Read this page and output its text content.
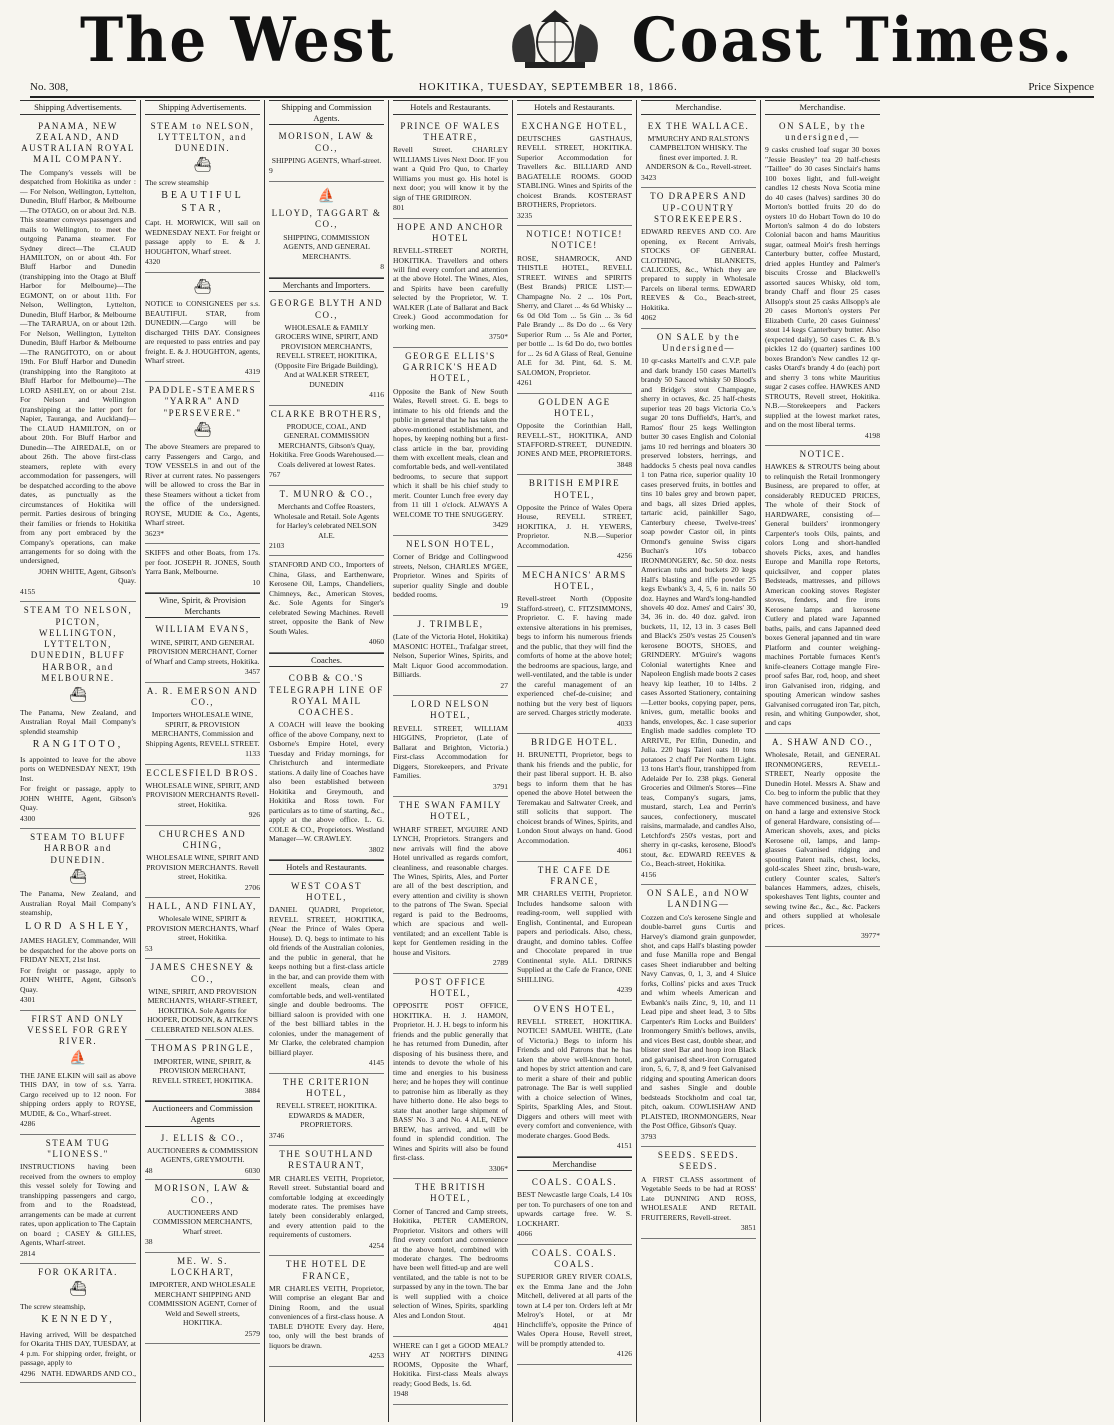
The West	Coast Times.
No. 308,	HOKITIKA, TUESDAY, SEPTEMBER 18, 1866.	Price Sixpence
Shipping Advertisements.
PANAMA, NEW ZEALAND, AND AUSTRALIAN ROYAL MAIL COMPANY.

The Company's vessels will be despatched from Hokitika as under :— For Nelson, Wellington, Lyttelton, Dunedin, Bluff Harbor, & Melbourne —The OTAGO, on or about 3rd. N.B. This steamer conveys passengers and mails to Wellington, to meet the outgoing Panama steamer. For Sydney direct—The CLAUD HAMILTON, on or about 4th. For Bluff Harbor and Dunedin (transhipping into the Otago at Bluff Harbor for Melbourne)—The EGMONT, on or about 11th. For Nelson, Wellington, Lyttelton, Dunedin, Bluff Harbor, & Melbourne —The TARARUA, on or about 12th. For Nelson, Wellington, Lyttelton Dunedin, Bluff Harbor & Melbourne —The RANGITOTO, on or about 19th. For Bluff Harbor and Dunedin (transhipping into the Rangitoto at Bluff Harbor for Melbourne)—The LORD ASHLEY, on or about 21st. For Nelson and Wellington (transhipping at the latter port for Napier, Tauranga, and Auckland)—The CLAUD HAMILTON, on or about 20th. For Bluff Harbor and Dunedin—The AIREDALE, on or about 26th. The above first-class steamers, replete with every accommodation for passengers, will be despatched according to the above dates, as punctually as the circumstances of Hokitika will permit. Parties desirous of bringing their families or friends to Hokitika from any port embraced by the Company's operations, can make arrangements for so doing with the undersigned,

JOHN WHITE, Agent, Gibson's Quay.

4155

STEAM TO NELSON, PICTON, WELLINGTON, LYTTELTON, DUNEDIN, BLUFF HARBOR, and MELBOURNE.
⛴

The Panama, New Zealand, and Australian Royal Mail Company's splendid steamship

RANGITOTO,

Is appointed to leave for the above ports on WEDNESDAY NEXT, 19th Inst.

For freight or passage, apply to JOHN WHITE, Agent, Gibson's Quay.

4300

STEAM TO BLUFF HARBOR and DUNEDIN.
⛴

The Panama, New Zealand, and Australian Royal Mail Company's steamship,

LORD ASHLEY,

JAMES HAGLEY, Commander, Will be despatched for the above ports on FRIDAY NEXT, 21st Inst.

For freight or passage, apply to JOHN WHITE, Agent, Gibson's Quay.

4301

FIRST AND ONLY VESSEL FOR GREY RIVER.
⛵

THE JANE ELKIN will sail as above THIS DAY, in tow of s.s. Yarra. Cargo received up to 12 noon. For shipping orders apply to ROYSE, MUDIE, & Co., Wharf-street.

4286

STEAM TUG "LIONESS."

INSTRUCTIONS having been received from the owners to employ this vessel solely for Towing and transhipping passengers and cargo, from and to the Roadstead, arrangements can be made at current rates, upon application to The Captain on board ; CASEY & GILLES, Agents, Wharf-street.

2814

FOR OKARITA.
⛴

The screw steamship,

KENNEDY,

Having arrived, Will be despatched for Okarita THIS DAY, TUESDAY, at 4 p.m. For shipping order, freight, or passage, apply to

4296 NATH. EDWARDS AND CO.,
Shipping Advertisements.
STEAM to NELSON, LYTTELTON, and DUNEDIN.
⛴

The screw steamship

BEAUTIFUL STAR,

Capt. H. MORWICK, Will sail on WEDNESDAY NEXT. For freight or passage apply to E. & J. HOUGHTON, Wharf street.

4320

⛴

NOTICE to CONSIGNEES per s.s. BEAUTIFUL STAR, from DUNEDIN.—Cargo will be discharged THIS DAY. Consignees are requested to pass entries and pay freight. E. & J. HOUGHTON, agents, Wharf street.

4319

PADDLE-STEAMERS "YARRA" AND "PERSEVERE."
⛴

The above Steamers are prepared to carry Passengers and Cargo, and TOW VESSELS in and out of the River at current rates. No passengers will be allowed to cross the Bar in these Steamers without a ticket from the office of the undersigned. ROYSE, MUDIE & Co., Agents, Wharf street.

3623*

SKIFFS and other Boats, from 17s. per foot. JOSEPH R. JONES, South Yarra Bank, Melbourne.

10

Wine, Spirit, & Provision Merchants
WILLIAM EVANS,

WINE, SPIRIT, AND GENERAL PROVISION MERCHANT, Corner of Wharf and Camp streets, Hokitika.

3457

A. R. EMERSON AND CO.,

Importers WHOLESALE WINE, SPIRIT, & PROVISION MERCHANTS, Commission and Shipping Agents, REVELL STREET.

1133

ECCLESFIELD BROS.

WHOLESALE WINE, SPIRIT, AND PROVISION MERCHANTS Revell-street, Hokitika.

926

CHURCHES AND CHING,

WHOLESALE WINE, SPIRIT AND PROVISION MERCHANTS. Revell street, Hokitika.

2706

HALL, AND FINLAY,

Wholesale WINE, SPIRIT & PROVISION MERCHANTS, Wharf street, Hokitika.

53

JAMES CHESNEY & CO.,

WINE, SPIRIT, AND PROVISION MERCHANTS, WHARF-STREET, HOKITIKA. Sole Agents for HOOPER, DODSON, & AITKEN'S CELEBRATED NELSON ALES.

THOMAS PRINGLE,

IMPORTER, WINE, SPIRIT, & PROVISION MERCHANT, REVELL STREET, HOKITIKA.

3884

Auctioneers and Commission Agents
J. ELLIS & CO.,

AUCTIONEERS & COMMISSION AGENTS, GREYMOUTH.

48	6030
MORISON, LAW & CO.,

AUCTIONEERS AND COMMISSION MERCHANTS, Wharf street.

38

ME. W. S. LOCKHART,

IMPORTER, AND WHOLESALE MERCHANT SHIPPING AND COMMISSION AGENT, Corner of Weld and Sewell streets, HOKITIKA.

2579

Shipping and Commission Agents.
MORISON, LAW & CO.,

SHIPPING AGENTS, Wharf-street.

9

⛵
LLOYD, TAGGART & CO.,

SHIPPING, COMMISSION AGENTS, AND GENERAL MERCHANTS.

8

Merchants and Importers.
GEORGE BLYTH AND CO.,

WHOLESALE & FAMILY GROCERS WINE, SPIRIT, AND PROVISION MERCHANTS, REVELL STREET, HOKITIKA, (Opposite Fire Brigade Building), And at WALKER STREET, DUNEDIN

4116

CLARKE BROTHERS,

PRODUCE, COAL, AND GENERAL COMMISSION MERCHANTS, Gibson's Quay, Hokitika. Free Goods Warehoused.—Coals delivered at lowest Rates.

767

T. MUNRO & CO.,

Merchants and Coffee Roasters, Wholesale and Retail. Sole Agents for Harley's celebrated NELSON ALE.

2103

STANFORD AND CO., Importers of China, Glass, and Earthenware, Kerosene Oil, Lamps, Chandeliers, Chimneys, &c., American Stoves, &c. Sole Agents for Singer's celebrated Sewing Machines. Revell street, opposite the Bank of New South Wales.

4060

Coaches.
COBB & CO.'S TELEGRAPH LINE OF ROYAL MAIL COACHES.

A COACH will leave the booking office of the above Company, next to Osborne's Empire Hotel, every Tuesday and Friday mornings, for Christchurch and intermediate stations. A daily line of Coaches have also been established between Hokitika and Greymouth, and Hokitika and Ross town. For particulars as to time of starting, &c., apply at the above office. L. G. COLE & CO., Proprietors. Westland Manager—W. CRAWLEY.

3802

Hotels and Restaurants.
WEST COAST HOTEL,

DANIEL QUADRI, Proprietor, REVELL STREET, HOKITIKA, (Near the Prince of Wales Opera House). D. Q. begs to intimate to his old friends of the Australian colonies, and the public in general, that he keeps nothing but a first-class article in the bar, and can provide them with excellent meals, clean and comfortable beds, and well-ventilated single and double bedrooms. The billiard saloon is provided with one of the best billiard tables in the colonies, under the management of Mr Clarke, the celebrated champion billiard player.

4145

THE CRITERION HOTEL,

REVELL STREET, HOKITIKA. EDWARDS & MADER, PROPRIETORS.

3746

THE SOUTHLAND RESTAURANT,

MR CHARLES VEITH, Proprietor, Revell street. Substantial board and comfortable lodging at exceedingly moderate rates. The premises have lately been considerably enlarged, and every attention paid to the requirements of customers.

4254

THE HOTEL DE FRANCE,

MR CHARLES VEITH, Proprietor, Will comprise an elegant Bar and Dining Room, and the usual conveniences of a first-class house. A TABLE D'HOTE Every day. Here, too, only will the best brands of liquors be drawn.

4253

Hotels and Restaurants.
PRINCE OF WALES THEATRE,

Revell Street. CHARLEY WILLIAMS Lives Next Door. IF you want a Quid Pro Quo, to Charley Williams you must go. His hotel is next door; you will know it by the sign of THE GRIDIRON.

801

HOPE AND ANCHOR HOTEL

REVELL-STREET NORTH, HOKITIKA. Travellers and others will find every comfort and attention at the above Hotel. The Wines, Ales, and Spirits have been carefully selected by the Proprietor, W. T. WALKER (Late of Ballarat and Back Creek.) Good accommodation for working men.

3750*

GEORGE ELLIS'S GARRICK'S HEAD HOTEL,

Opposite the Bank of New South Wales, Revell street. G. E. begs to intimate to his old friends and the public in general that he has taken the above-mentioned establishment, and hopes, by keeping nothing but a first-class article in the bar, providing them with excellent meals, clean and comfortable beds, and well-ventilated bedrooms, to secure that support which it shall be his chief study to merit. Counter Lunch free every day from 11 till 1 o'clock. ALWAYS A WELCOME TO THE SNUGGERY.

3429

NELSON HOTEL,

Corner of Bridge and Collingwood streets, Nelson, CHARLES M'GEE, Proprietor. Wines and Spirits of superior quality Single and double bedded rooms.

19

J. TRIMBLE,

(Late of the Victoria Hotel, Hokitika) MASONIC HOTEL, Trafalgar street, Nelson, Superior Wines, Spirits, and Malt Liquor Good accommodation. Billiards.

27

LORD NELSON HOTEL,

REVELL STREET, WILLIAM HIGGINS, Proprietor, (Late of Ballarat and Brighton, Victoria.) First-class Accommodation for Diggers, Storekeepers, and Private Families.

3791

THE SWAN FAMILY HOTEL,

WHARF STREET, M'GUIRE AND LYNCH, Proprietors. Strangers and new arrivals will find the above Hotel unrivalled as regards comfort, cleanliness, and reasonable charges. The Wines, Spirits, Ales, and Porter are all of the best description, and every attention and civility is shown to the patrons of The Swan. Special regard is paid to the Bedrooms, which are spacious and well-ventilated; and an excellent Table is kept for Gentlemen residing in the house and Visitors.

2789

POST OFFICE HOTEL,

OPPOSITE POST OFFICE, HOKITIKA. H. J. HAMON, Proprietor. H. J. H. begs to inform his friends and the public generally that he has returned from Dunedin, after disposing of his business there, and intends to devote the whole of his time and energies to his business here; and he hopes they will continue to patronise him as liberally as they have hitherto done. He also begs to state that another large shipment of BASS' No. 3 and No. 4 ALE, NEW BREW, has arrived, and will be found in splendid condition. The Wines and Spirits will also be found first-class.

3306*

THE BRITISH HOTEL,

Corner of Tancred and Camp streets, Hokitika, PETER CAMERON, Proprietor. Visitors and others will find every comfort and convenience at the above hotel, combined with moderate charges. The bedrooms have been well fitted-up and are well ventilated, and the table is not to be surpassed by any in the town. The bar is well supplied with a choice selection of Wines, Spirits, sparkling Ales and London Stout.

4041

WHERE can I get a GOOD MEAL? WHY AT NORTH'S DINING ROOMS, Opposite the Wharf, Hokitika. First-class Meals always ready; Good Beds, 1s. 6d.

1948

Hotels and Restaurants.
EXCHANGE HOTEL,

DEUTSCHES GASTHAUS, REVELL STREET, HOKITIKA. Superior Accommodation for Travellers &c. BILLIARD AND BAGATELLE ROOMS. GOOD STABLING. Wines and Spirits of the choicest Brands. KOSTERAST BROTHERS, Proprietors.

3235

NOTICE! NOTICE! NOTICE!

ROSE, SHAMROCK, AND THISTLE HOTEL, REVELL STREET. WINES and SPIRITS (Best Brands) PRICE LIST:— Champagne No. 2 ... 10s Port, Sherry, and Claret ... 4s 6d Whisky ... 6s 0d Old Tom ... 5s Gin ... 3s 6d Pale Brandy ... 8s Do do ... 6s Very Superior Rum ... 5s Ale and Porter, per bottle ... 1s 6d Do do, two bottles for ... 2s 6d A Glass of Real, Genuine ALE for 3d. Pint, 6d. S. M. SALOMON, Proprietor.

4261

GOLDEN AGE HOTEL,

Opposite the Corinthian Hall, REVELL-ST., HOKITIKA, AND STAFFORD-STREET, DUNEDIN. JONES AND MEE, PROPRIETORS.

3848

BRITISH EMPIRE HOTEL,

Opposite the Prince of Wales Opera House, REVELL STREET, HOKITIKA, J. H. YEWERS, Proprietor. N.B.—Superior Accommodation.

4256

MECHANICS' ARMS HOTEL,

Revell-street North (Opposite Stafford-street), C. FITZSIMMONS, Proprietor. C. F. having made extensive alterations in his premises, begs to inform his numerous friends and the public, that they will find the comforts of home at the above hotel; the bedrooms are spacious, large, and well-ventilated, and the table is under the careful management of an experienced chef-de-cuisine; and nothing but the very best of liquors are served. Charges strictly moderate.

4033

BRIDGE HOTEL.

H. BRUNETTI, Proprietor, begs to thank his friends and the public, for their past liberal support. H. B. also begs to inform them that he has opened the above Hotel between the Teremakau and Saltwater Creek, and still solicits that support. The choicest brands of Wines, Spirits, and London Stout always on hand. Good Accommodation.

4061

THE CAFE DE FRANCE,

MR CHARLES VEITH, Proprietor. Includes handsome saloon with reading-room, well supplied with English, Continental, and European papers and periodicals. Also, chess, draught, and domino tables. Coffee and Chocolate prepared in true Continental style. ALL DRINKS Supplied at the Cafe de France, ONE SHILLING.

4239

OVENS HOTEL,

REVELL STREET, HOKITIKA. NOTICE! SAMUEL WHITE, (Late of Victoria.) Begs to inform his Friends and old Patrons that he has taken the above well-known hotel, and hopes by strict attention and care to merit a share of their and public patronage. The Bar is well supplied with a choice selection of Wines, Spirits, Sparkling Ales, and Stout. Diggers and others will meet with every comfort and convenience, with moderate charges. Good Beds.

4151

Merchandise
COALS. COALS.

BEST Newcastle large Coals, L4 10s per ton. To purchasers of one ton and upwards cartage free. W. S. LOCKHART.

4066

COALS. COALS. COALS.

SUPERIOR GREY RIVER COALS, ex the Emma Jane and the John Mitchell, delivered at all parts of the town at L4 per ton. Orders left at Mr Melroy's Hotel, or at Mr Hinchcliffe's, opposite the Prince of Wales Opera House, Revell street, will be promptly attended to.

4126

Merchandise.
EX THE WALLACE.

M'MURCHY AND RALSTON'S CAMPBELTON WHISKY. The finest ever imported. J. R. ANDERSON & Co., Revell-street.

3423

TO DRAPERS AND UP-COUNTRY STOREKEEPERS.

EDWARD REEVES AND CO. Are opening, ex Recent Arrivals, STOCKS OF GENERAL CLOTHING, BLANKETS, CALICOES, &c., Which they are prepared to supply in Wholesale Parcels on liberal terms. EDWARD REEVES & Co., Beach-street, Hokitika.

4062

ON SALE by the Undersigned—

10 qr-casks Martell's and C.V.P. pale and dark brandy 150 cases Martell's brandy 50 Sauced whisky 50 Blood's and Bridge's stout Champagne, sherry in octaves, &c. 25 half-chests superior teas 20 bags Victoria Co.'s sugar 20 tons Duffield's, Hart's, and Ramos' flour 25 kegs Wellington butter 30 cases English and Colonial jams 10 red herrings and bloaters 30 preserved lobsters, herrings, and haddocks 5 chests peal nova candles 1 ton Patna rice, superior quality 10 cases preserved fruits, in bottles and tins 10 bales grey and brown paper, and bags, all sizes Dried apples, tartaric acid, painkiller Sago, Canterbury cheese, Twelve-trees' soap powder Castor oil, in pints Ormond's genuine Swiss cigars Buchan's 10's tobacco IRONMONGERY, &c. 50 doz. nests American tubs and buckets 20 kegs Hall's blasting and rifle powder 25 kegs Ewbank's 3, 4, 5, 6 in. nails 50 doz. Haynes and Ward's long-handled shovels 40 doz. Ames' and Cairs' 30, 34, 36 in. do. 40 doz. galvd. iron buckets, 11, 12, 13 in. 3 cases Bell and Black's 250's vestas 25 Cousen's kerosene BOOTS, SHOES, and GRINDERY. M'Guire's wagons Colonial watertights Knee and Napoleon English made boots 2 cases heavy kip leather, 10 to 14lbs. 2 cases Assorted Stationery, containing—Letter books, copying paper, pens, knives, gum, metallic books and hands, envelopes, &c. 1 case superior English made saddles complete TO ARRIVE, Per Elfin, Dunedin, and Julia. 220 bags Taieri oats 10 tons potatoes 2 chaff Per Northern Light. 13 tons Hart's flour, transhipped from Adelaide Per Io. 238 pkgs. General Groceries and Oilmen's Stores—Fine teas, Company's sugars, jams, mustard, starch, Lea and Perrin's sauces, confectionery, muscatel raisins, marmalade, and candles Also, Letchford's 250's vestas, port and sherry in qr-casks, kerosene, Blood's stout, &c. EDWARD REEVES & Co., Beach-street, Hokitika.

4156

ON SALE, and NOW LANDING—

Cozzen and Co's kerosene Single and double-barrel guns Curtis and Harvey's diamond grain gunpowder, shot, and caps Hall's blasting powder and fuse Manilla rope and Bengal cases Sheet indiarubber and belting Navy Canvas, 0, 1, 3, and 4 Sluice forks, Collins' picks and axes Truck and whim wheels American and Ewbank's nails Zinc, 9, 10, and 11 Lead pipe and sheet lead, 3 to 5lbs Carpenter's Rim Locks and Builders' Ironmongery Smith's bellows, anvils, and vices Best cast, double shear, and blister steel Bar and hoop iron Black and galvanised sheet-iron Corrugated iron, 5, 6, 7, 8, and 9 feet Galvanised ridging and spouting American doors and sashes Single and double bedsteads Stockholm and coal tar, pitch, oakum. COWLISHAW AND PLAISTED, IRONMONGERS, Near the Post Office, Gibson's Quay.

3793

SEEDS. SEEDS. SEEDS.

A FIRST CLASS assortment of Vegetable Seeds to be had at ROSS' Late DUNNING AND ROSS, WHOLESALE AND RETAIL FRUITERERS, Revell-street.

3851

Merchandise.
ON SALE, by the undersigned,—

9 casks crushed loaf sugar 30 boxes "Jessie Beasley" tea 20 half-chests "Taillee" do 30 cases Sinclair's hams 100 boxes light, and full-weight candles 12 chests Nova Scotia mine do 40 cases (halves) sardines 30 do Morton's bottled fruits 20 do do oysters 10 do Hobart Town do 10 do Morton's salmon 4 do do lobsters Colonial bacon and hams Mauritius sugar, oatmeal Moir's fresh herrings Canterbury butter, coffee Mustard, dried apples Huntley and Palmer's biscuits Crosse and Blackwell's assorted sauces Whisky, old tom, brandy Chaff and flour 25 cases Allsopp's stout 25 casks Allsopp's ale 20 cases Morton's oysters Per Elizabeth Curle, 20 cases Guinness' stout 14 kegs Canterbury butter. Also (expected daily), 50 cases C. & B.'s pickles 12 do (quarter) sardines 100 boxes Brandon's New candles 12 qr-casks Otard's brandy 4 do (each) port and sherry 3 tons white Mauritius sugar 2 cases coffee. HAWKES AND STROUTS, Revell street, Hokitika. N.B.—Storekeepers and Packers supplied at the lowest market rates, and on the most liberal terms.

4198

NOTICE.

HAWKES & STROUTS being about to relinquish the Retail Ironmongery Business, are prepared to offer, at considerably REDUCED PRICES, The whole of their Stock of HARDWARE, consisting of— General builders' ironmongery Carpenter's tools Oils, paints, and colors Long and short-handled shovels Picks, axes, and handles Europe and Manilla rope Retorts, quicksilver, and copper plates Bedsteads, mattresses, and pillows American cooking stoves Register stoves, fenders, and fire irons Kerosene lamps and kerosene Cutlery and plated ware Japanned baths, pails, and cans Japanned deed boxes General japanned and tin ware Platform and counter weighing-machines Portable furnaces Kent's knife-cleaners Cottage mangle Fire-proof safes Bar, rod, hoop, and sheet iron Galvanised iron, ridging, and spouting American window sashes Galvanised corrugated iron Tar, pitch, resin, and whiting Gunpowder, shot, and caps

A. SHAW AND CO.,

Wholesale, Retail, and GENERAL IRONMONGERS, REVELL-STREET, Nearly opposite the Dunedin Hotel. Messrs A. Shaw and Co. beg to inform the public that they have commenced business, and have on hand a large and extensive Stock of general Hardware, consisting of— American shovels, axes, and picks Kerosene oil, lamps, and lamp-glasses Galvanised ridging and spouting Patent nails, chest, locks, gold-scales Sheet zinc, brush-ware, cutlery Counter scales, Salter's balances Hammers, adzes, chisels, spokeshaves Tent lights, counter and sewing twine &c., &c., &c. Packers and others supplied at wholesale prices.

3977*
